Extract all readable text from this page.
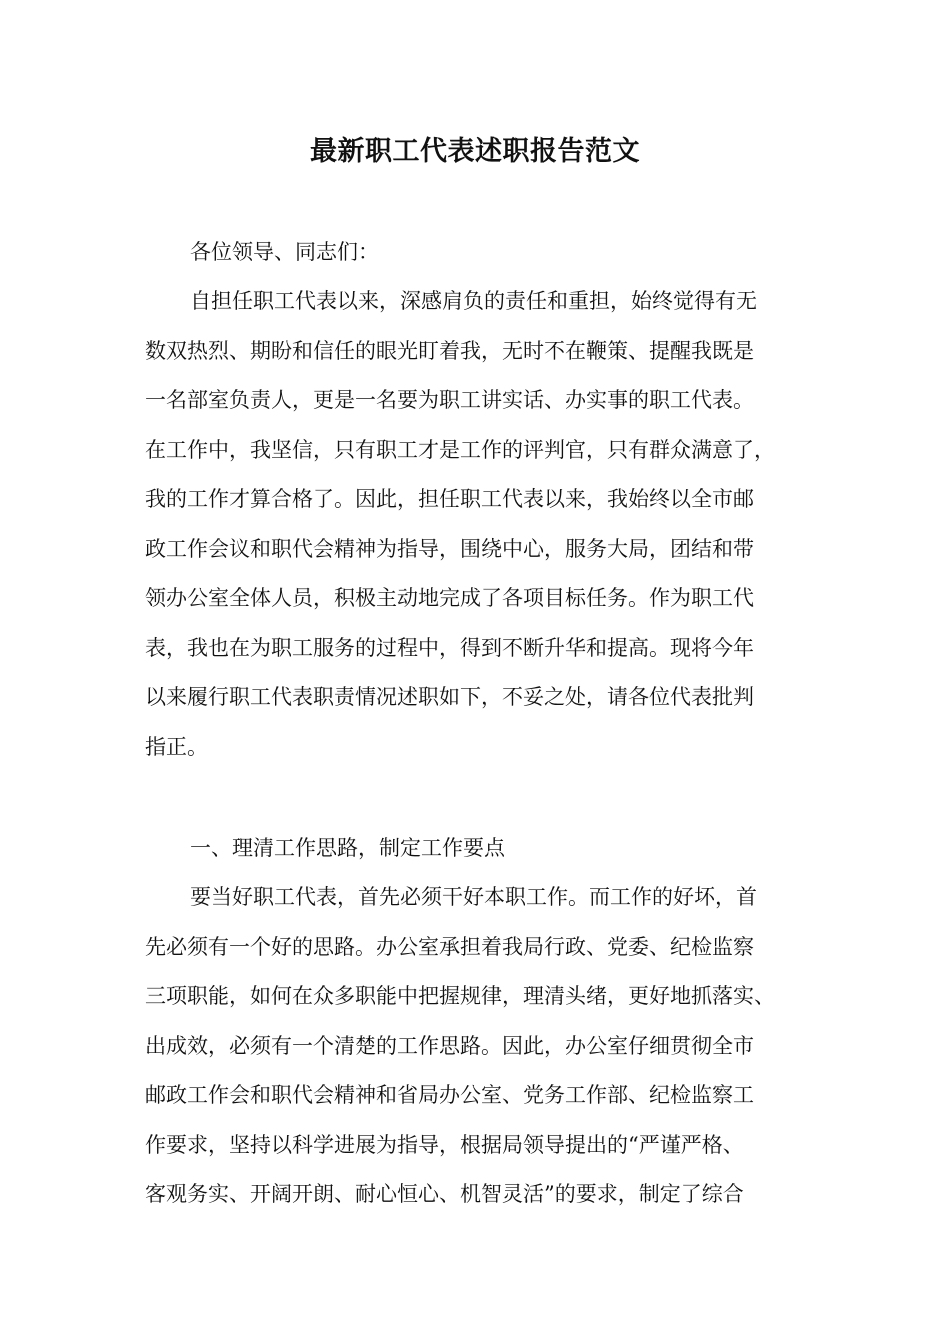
最新职工代表述职报告范文

各位领导、同志们：

自担任职工代表以来，深感肩负的责任和重担，始终觉得有无

数双热烈、期盼和信任的眼光盯着我，无时不在鞭策、提醒我既是

一名部室负责人，更是一名要为职工讲实话、办实事的职工代表。

在工作中，我坚信，只有职工才是工作的评判官，只有群众满意了，

我的工作才算合格了。因此，担任职工代表以来，我始终以全市邮

政工作会议和职代会精神为指导，围绕中心，服务大局，团结和带

领办公室全体人员，积极主动地完成了各项目标任务。作为职工代

表，我也在为职工服务的过程中，得到不断升华和提高。现将今年

以来履行职工代表职责情况述职如下，不妥之处，请各位代表批判

指正。

一、理清工作思路，制定工作要点

要当好职工代表，首先必须干好本职工作。而工作的好坏，首

先必须有一个好的思路。办公室承担着我局行政、党委、纪检监察

三项职能，如何在众多职能中把握规律，理清头绪，更好地抓落实、

出成效，必须有一个清楚的工作思路。因此，办公室仔细贯彻全市

邮政工作会和职代会精神和省局办公室、党务工作部、纪检监察工

作要求，坚持以科学进展为指导，根据局领导提出的“严谨严格、

客观务实、开阔开朗、耐心恒心、机智灵活”的要求，制定了综合
